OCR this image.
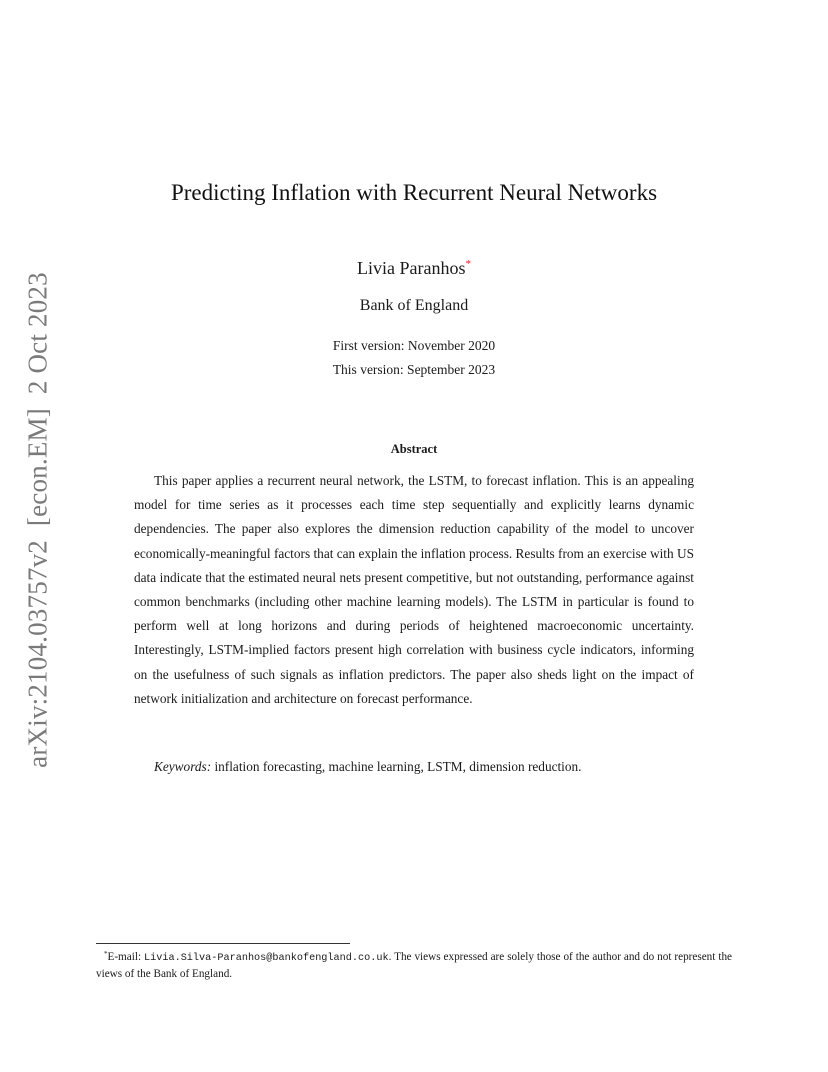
arXiv:2104.03757v2  [econ.EM]  2 Oct 2023
Predicting Inflation with Recurrent Neural Networks
Livia Paranhos*
Bank of England
First version: November 2020
This version: September 2023
Abstract

This paper applies a recurrent neural network, the LSTM, to forecast inflation. This is an appealing model for time series as it processes each time step sequentially and explicitly learns dynamic dependencies. The paper also explores the dimension reduction capability of the model to uncover economically-meaningful factors that can explain the inflation process. Results from an exercise with US data indicate that the estimated neural nets present competitive, but not outstanding, performance against common benchmarks (including other machine learning models). The LSTM in particular is found to perform well at long horizons and during periods of heightened macroeconomic uncertainty. Interestingly, LSTM-implied factors present high correlation with business cycle indicators, informing on the usefulness of such signals as inflation predictors. The paper also sheds light on the impact of network initialization and architecture on forecast performance.

Keywords: inflation forecasting, machine learning, LSTM, dimension reduction.

*E-mail: Livia.Silva-Paranhos@bankofengland.co.uk. The views expressed are solely those of the author and do not represent the views of the Bank of England.
